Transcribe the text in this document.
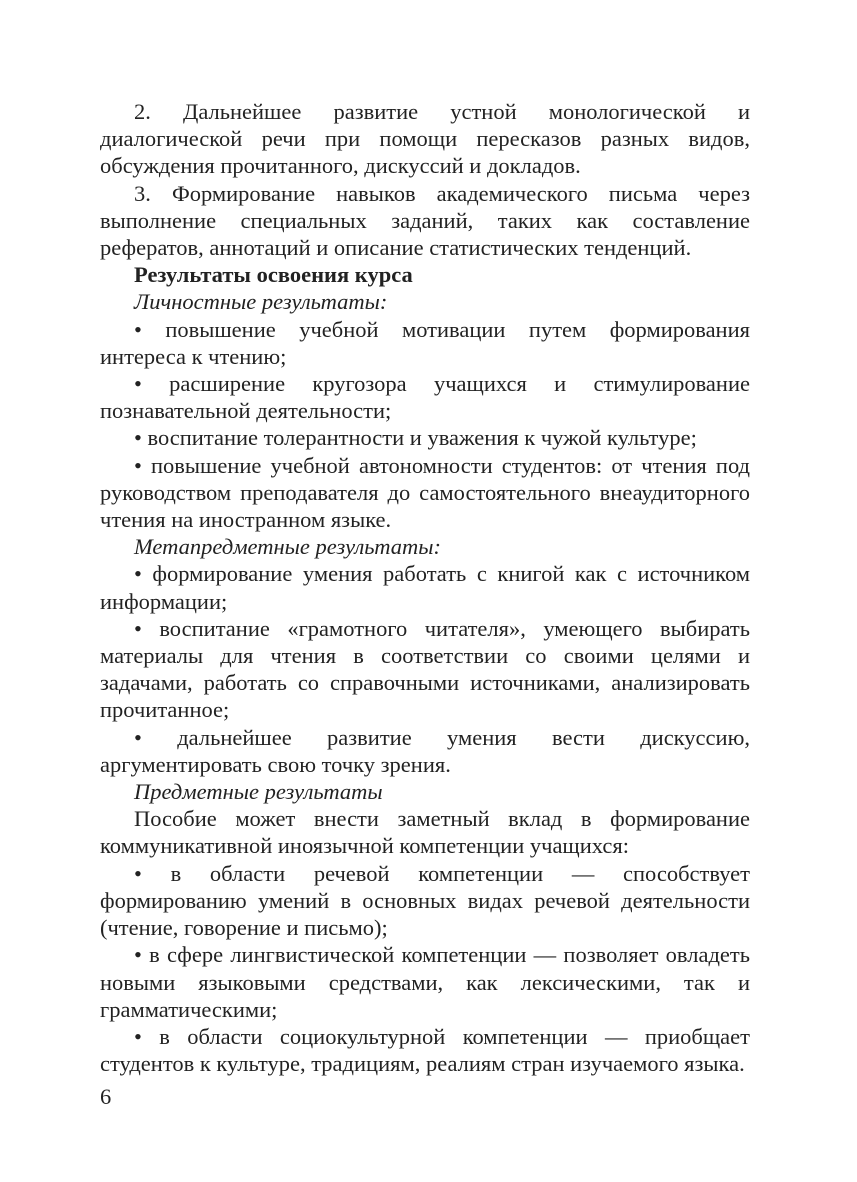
2. Дальнейшее развитие устной монологической и диалогической речи при помощи пересказов разных видов, обсуждения прочитанного, дискуссий и докладов.

3. Формирование навыков академического письма через выполнение специальных заданий, таких как составление рефератов, аннотаций и описание статистических тенденций.

Результаты освоения курса

Личностные результаты:

• повышение учебной мотивации путем формирования интереса к чтению;

• расширение кругозора учащихся и стимулирование познавательной деятельности;

• воспитание толерантности и уважения к чужой культуре;

• повышение учебной автономности студентов: от чтения под руководством преподавателя до самостоятельного внеаудиторного чтения на иностранном языке.

Метапредметные результаты:

• формирование умения работать с книгой как с источником информации;

• воспитание «грамотного читателя», умеющего выбирать материалы для чтения в соответствии со своими целями и задачами, работать со справочными источниками, анализировать прочитанное;

• дальнейшее развитие умения вести дискуссию, аргументировать свою точку зрения.

Предметные результаты

Пособие может внести заметный вклад в формирование коммуникативной иноязычной компетенции учащихся:

• в области речевой компетенции — способствует формированию умений в основных видах речевой деятельности (чтение, говорение и письмо);

• в сфере лингвистической компетенции — позволяет овладеть новыми языковыми средствами, как лексическими, так и грамматическими;

• в области социокультурной компетенции — приобщает студентов к культуре, традициям, реалиям стран изучаемого языка.

6
